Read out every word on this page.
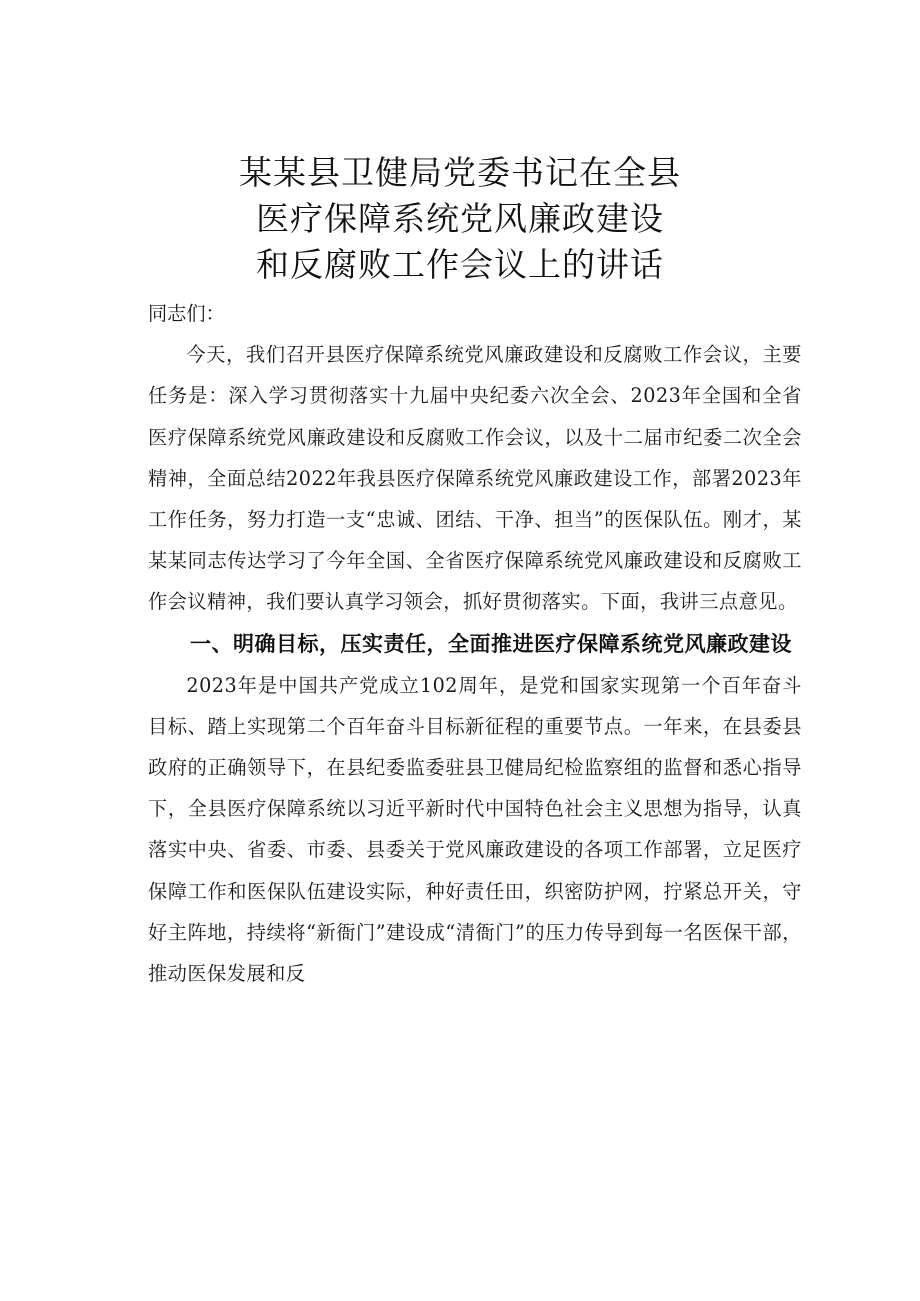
某某县卫健局党委书记在全县
医疗保障系统党风廉政建设
和反腐败工作会议上的讲话

同志们：

今天，我们召开县医疗保障系统党风廉政建设和反腐败工作会议，主要任务是：深入学习贯彻落实十九届中央纪委六次全会、2023年全国和全省医疗保障系统党风廉政建设和反腐败工作会议，以及十二届市纪委二次全会精神，全面总结2022年我县医疗保障系统党风廉政建设工作，部署2023年工作任务，努力打造一支“忠诚、团结、干净、担当”的医保队伍。刚才，某某某同志传达学习了今年全国、全省医疗保障系统党风廉政建设和反腐败工作会议精神，我们要认真学习领会，抓好贯彻落实。下面，我讲三点意见。

一、明确目标，压实责任，全面推进医疗保障系统党风廉政建设

2023年是中国共产党成立102周年，是党和国家实现第一个百年奋斗目标、踏上实现第二个百年奋斗目标新征程的重要节点。一年来，在县委县政府的正确领导下，在县纪委监委驻县卫健局纪检监察组的监督和悉心指导下，全县医疗保障系统以习近平新时代中国特色社会主义思想为指导，认真落实中央、省委、市委、县委关于党风廉政建设的各项工作部署，立足医疗保障工作和医保队伍建设实际，种好责任田，织密防护网，拧紧总开关，守好主阵地，持续将“新衙门”建设成“清衙门”的压力传导到每一名医保干部，推动医保发展和反
